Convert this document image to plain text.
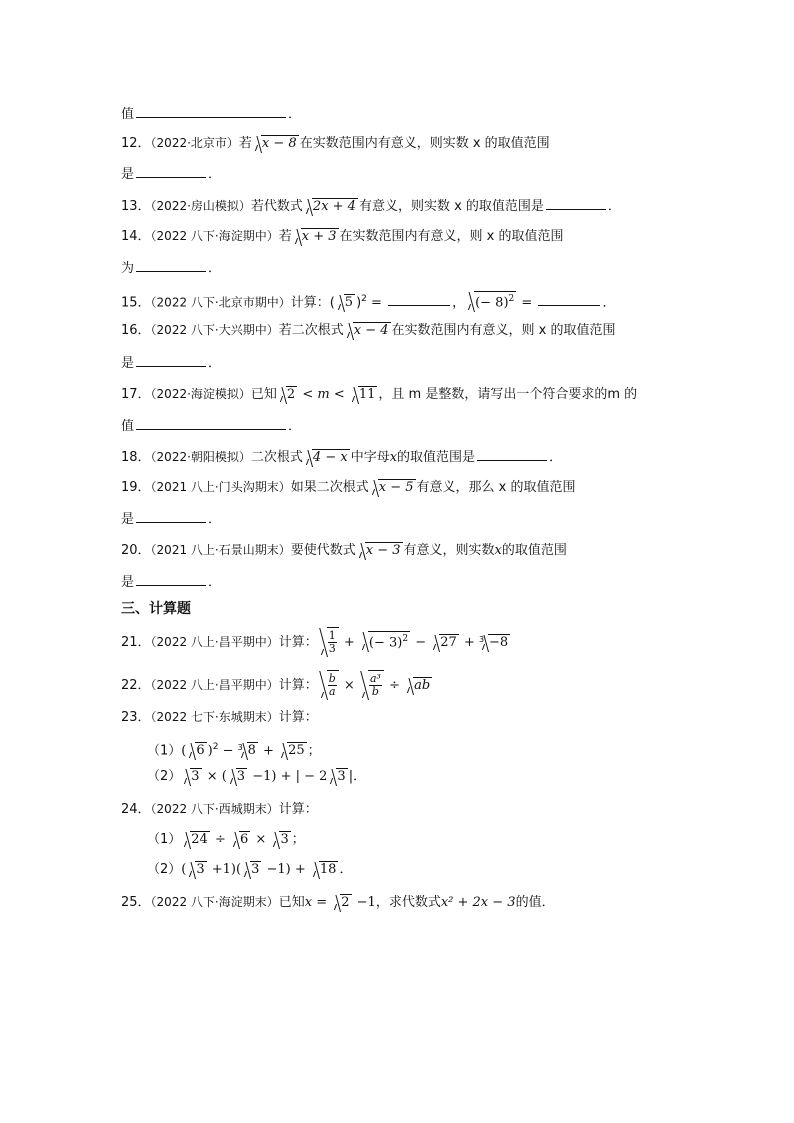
值	．
12．（2022·北京市）若 x − 8 在实数范围内有意义，则实数 x 的取值范围
是	．
13．（2022·房山模拟）若代数式 2x + 4 有意义，则实数 x 的取值范围是	．
14．（2022 八下·海淀期中）若 x + 3 在实数范围内有意义，则 x 的取值范围
为	．
15．（2022 八下·北京市期中）计算：( 5 )$^2$ =	， (− 8)$^2$ =	．
16．（2022 八下·大兴期中）若二次根式 x − 4 在实数范围内有意义，则 x 的取值范围
是	．
17．（2022·海淀模拟）已知 2 < m < 11 ，且 m 是整数，请写出一个符合要求的m 的
值	．
18．（2022·朝阳模拟）二次根式 4 − x 中字母x的取值范围是	．
19．（2021 八上·门头沟期末）如果二次根式 x − 5 有意义，那么 x 的取值范围
是	．
20．（2021 八上·石景山期末）要使代数式 x − 3 有意义，则实数x的取值范围
是	．
三、计算题
21．（2022 八上·昌平期中）计算： $\frac{1}{3}$ + (− 3)$^2$ − 27 + 3 −8
22．（2022 八上·昌平期中）计算： $\frac{b}{a} \times \frac{\text{a³}}{b}$ ÷ ab
23．（2022 七下·东城期末）计算：
（1）( 6 )$^2$ − 3 8 + 25 ；
（2） 3 × ( 3 −1) + | − 2 3 |．
24．（2022 八下·西城期末）计算：
（1） 24 ÷ 6 × 3 ；
（2）( 3 +1)( 3 −1) + 18 ．
25．（2022 八下·海淀期末）已知x = 2 −1，求代数式x² + 2x − 3的值．
